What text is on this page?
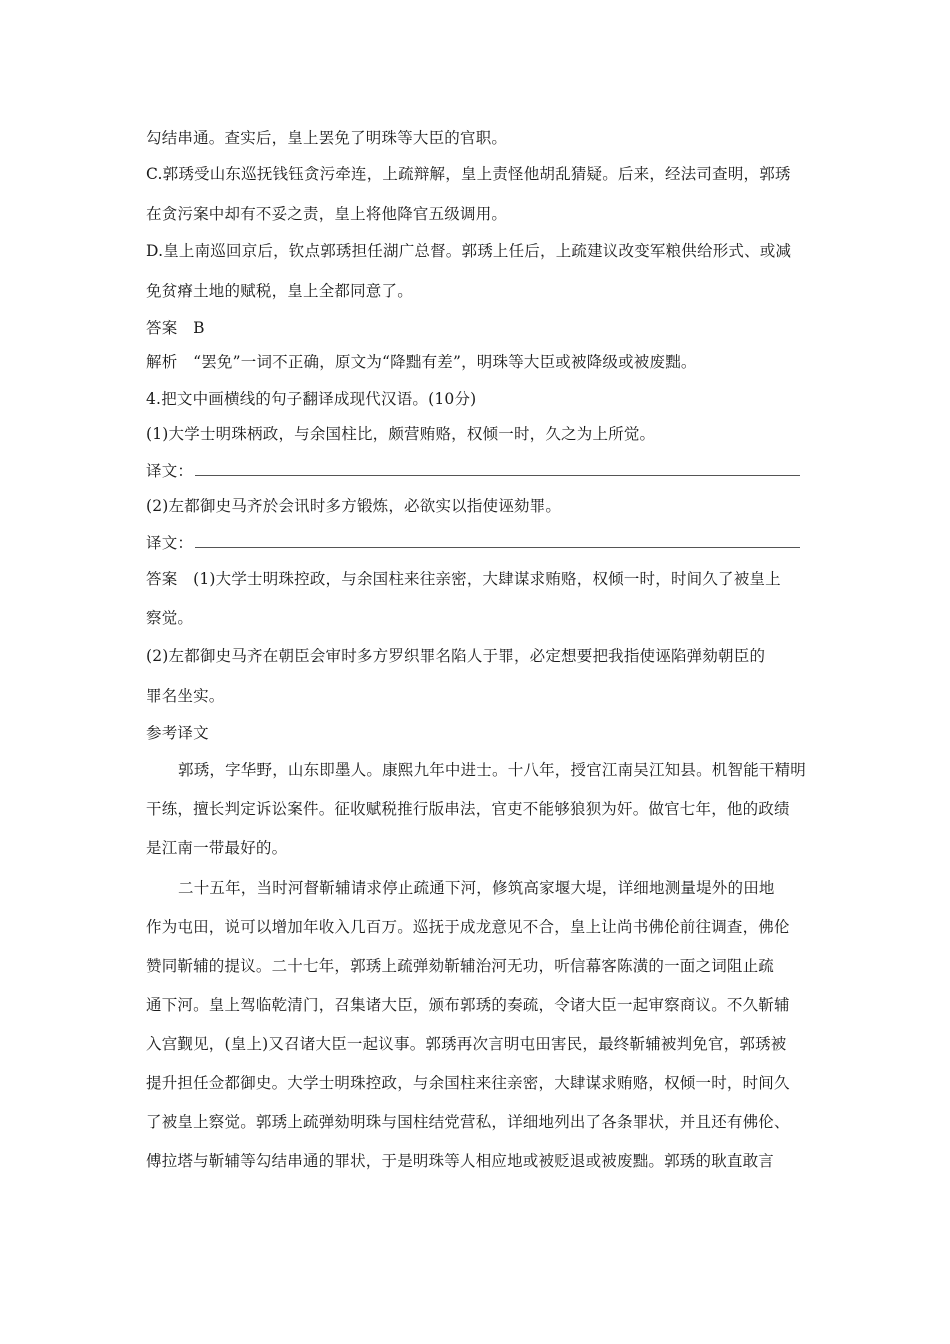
勾结串通。查实后，皇上罢免了明珠等大臣的官职。
C.郭琇受山东巡抚钱钰贪污牵连，上疏辩解，皇上责怪他胡乱猜疑。后来，经法司查明，郭琇
在贪污案中却有不妥之责，皇上将他降官五级调用。
D.皇上南巡回京后，钦点郭琇担任湖广总督。郭琇上任后，上疏建议改变军粮供给形式、或减
免贫瘠土地的赋税，皇上全都同意了。
答案　B
解析　“罢免”一词不正确，原文为“降黜有差”，明珠等大臣或被降级或被废黜。
4.把文中画横线的句子翻译成现代汉语。(10分)
(1)大学士明珠柄政，与余国柱比，颇营贿赂，权倾一时，久之为上所觉。
译文：
(2)左都御史马齐於会讯时多方锻炼，必欲实以指使诬劾罪。
译文：
答案　(1)大学士明珠控政，与余国柱来往亲密，大肆谋求贿赂，权倾一时，时间久了被皇上
察觉。
(2)左都御史马齐在朝臣会审时多方罗织罪名陷人于罪，必定想要把我指使诬陷弹劾朝臣的
罪名坐实。
参考译文
郭琇，字华野，山东即墨人。康熙九年中进士。十八年，授官江南吴江知县。机智能干精明
干练，擅长判定诉讼案件。征收赋税推行版串法，官吏不能够狼狈为奸。做官七年，他的政绩
是江南一带最好的。
二十五年，当时河督靳辅请求停止疏通下河，修筑高家堰大堤，详细地测量堤外的田地
作为屯田，说可以增加年收入几百万。巡抚于成龙意见不合，皇上让尚书佛伦前往调查，佛伦
赞同靳辅的提议。二十七年，郭琇上疏弹劾靳辅治河无功，听信幕客陈潢的一面之词阻止疏
通下河。皇上驾临乾清门，召集诸大臣，颁布郭琇的奏疏，令诸大臣一起审察商议。不久靳辅
入宫觐见，(皇上)又召诸大臣一起议事。郭琇再次言明屯田害民，最终靳辅被判免官，郭琇被
提升担任佥都御史。大学士明珠控政，与余国柱来往亲密，大肆谋求贿赂，权倾一时，时间久
了被皇上察觉。郭琇上疏弹劾明珠与国柱结党营私，详细地列出了各条罪状，并且还有佛伦、
傅拉塔与靳辅等勾结串通的罪状，于是明珠等人相应地或被贬退或被废黜。郭琇的耿直敢言
